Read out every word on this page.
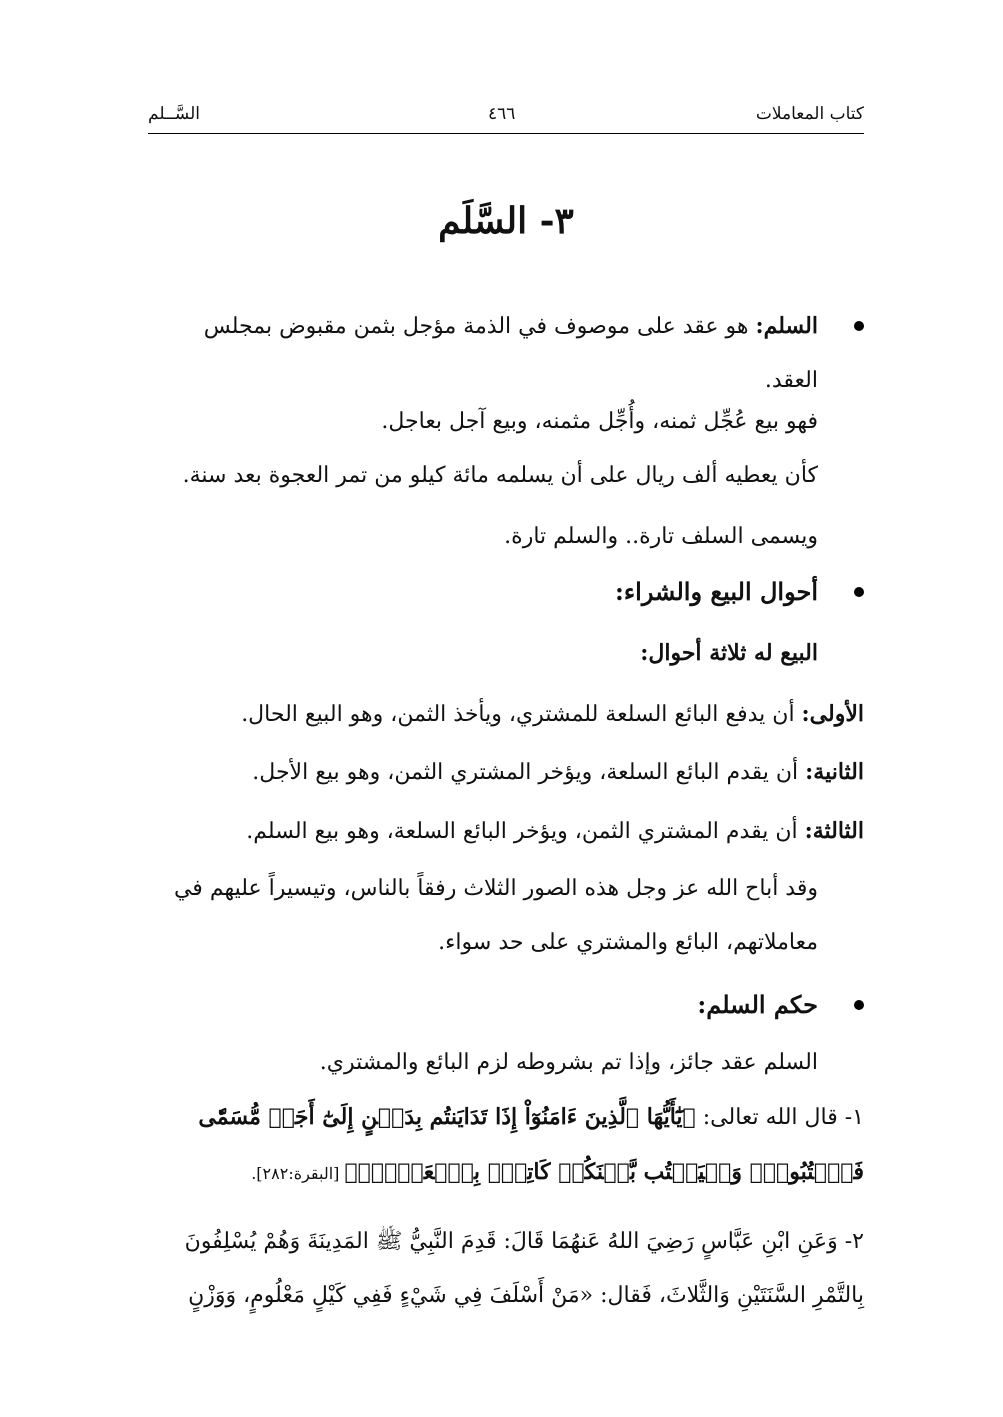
كتاب المعاملات
٤٦٦
السَّــلم
٣- السَّلَم
السلم: هو عقد على موصوف في الذمة مؤجل بثمن مقبوض بمجلس العقد.
فهو بيع عُجِّل ثمنه، وأُجِّل مثمنه، وبيع آجل بعاجل.
كأن يعطيه ألف ريال على أن يسلمه مائة كيلو من تمر العجوة بعد سنة.
ويسمى السلف تارة.. والسلم تارة.
أحوال البيع والشراء:
البيع له ثلاثة أحوال:
الأولى: أن يدفع البائع السلعة للمشتري، ويأخذ الثمن، وهو البيع الحال.
الثانية: أن يقدم البائع السلعة، ويؤخر المشتري الثمن، وهو بيع الأجل.
الثالثة: أن يقدم المشتري الثمن، ويؤخر البائع السلعة، وهو بيع السلم.
وقد أباح الله عز وجل هذه الصور الثلاث رفقاً بالناس، وتيسيراً عليهم في معاملاتهم، البائع والمشتري على حد سواء.
حكم السلم:
السلم عقد جائز، وإذا تم بشروطه لزم البائع والمشتري.
١- قال الله تعالى: ﴿يَٰٓأَيُّهَا ٱلَّذِينَ ءَامَنُوٓاْ إِذَا تَدَايَنتُم بِدَيۡنٍ إِلَىٰٓ أَجَلٖ مُّسَمّٗى فَٱكۡتُبُوهُۚ وَلۡيَكۡتُب بَّيۡنَكُمۡ كَاتِبُۢ بِٱلۡعَدۡلِۚ﴾ [البقرة:٢٨٢].
٢- وَعَنِ ابْنِ عَبَّاسٍ رَضِيَ اللهُ عَنهُمَا قَالَ: قَدِمَ النَّبِيُّ ﷺ المَدِينَةَ وَهُمْ يُسْلِفُونَ بِالتَّمْرِ السَّنَتَيْنِ وَالثَّلاثَ، فَقال: «مَنْ أَسْلَفَ فِي شَيْءٍ فَفِي كَيْلٍ مَعْلُومٍ، وَوَزْنٍ
